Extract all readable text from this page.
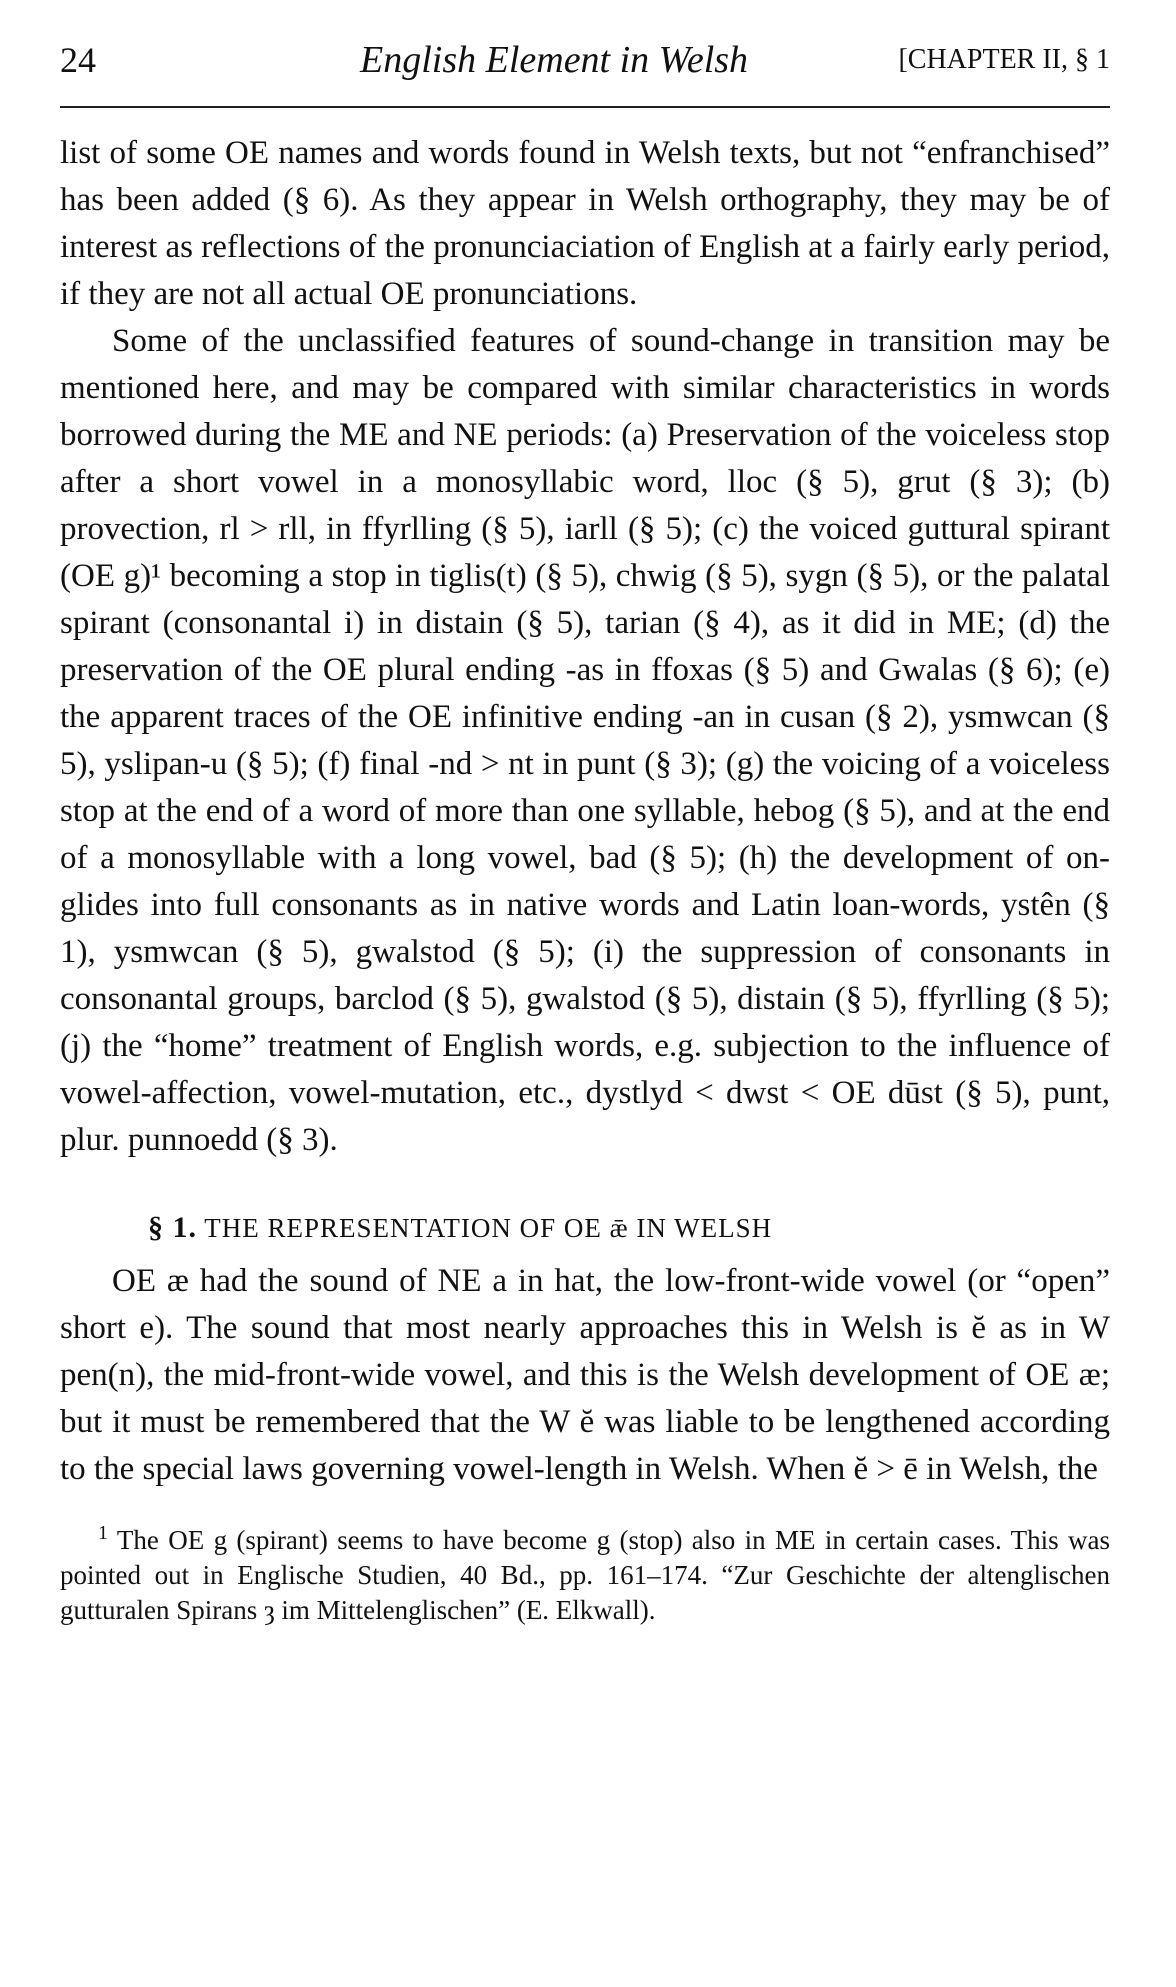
24	English Element in Welsh	[CHAPTER II, § 1

list of some OE names and words found in Welsh texts, but not “enfranchised” has been added (§ 6). As they appear in Welsh orthography, they may be of interest as reflections of the pronunciaciation of English at a fairly early period, if they are not all actual OE pronunciations.

Some of the unclassified features of sound-change in transition may be mentioned here, and may be compared with similar characteristics in words borrowed during the ME and NE periods: (a) Preservation of the voiceless stop after a short vowel in a monosyllabic word, lloc (§ 5), grut (§ 3); (b) provection, rl > rll, in ffyrlling (§ 5), iarll (§ 5); (c) the voiced guttural spirant (OE g)¹ becoming a stop in tiglis(t) (§ 5), chwig (§ 5), sygn (§ 5), or the palatal spirant (consonantal i) in distain (§ 5), tarian (§ 4), as it did in ME; (d) the preservation of the OE plural ending -as in ffoxas (§ 5) and Gwalas (§ 6); (e) the apparent traces of the OE infinitive ending -an in cusan (§ 2), ysmwcan (§ 5), yslipan-u (§ 5); (f) final -nd > nt in punt (§ 3); (g) the voicing of a voiceless stop at the end of a word of more than one syllable, hebog (§ 5), and at the end of a monosyllable with a long vowel, bad (§ 5); (h) the development of on-glides into full consonants as in native words and Latin loan-words, ystên (§ 1), ysmwcan (§ 5), gwalstod (§ 5); (i) the suppression of consonants in consonantal groups, barclod (§ 5), gwalstod (§ 5), distain (§ 5), ffyrlling (§ 5); (j) the “home” treatment of English words, e.g. subjection to the influence of vowel-affection, vowel-mutation, etc., dystlyd < dwst < OE dūst (§ 5), punt, plur. punnoedd (§ 3).

§ 1. THE REPRESENTATION OF OE ǣ IN WELSH

OE æ had the sound of NE a in hat, the low-front-wide vowel (or “open” short e). The sound that most nearly approaches this in Welsh is ĕ as in W pen(n), the mid-front-wide vowel, and this is the Welsh development of OE æ; but it must be remembered that the W ĕ was liable to be lengthened according to the special laws governing vowel-length in Welsh. When ĕ > ē in Welsh, the

$^1$ The OE g (spirant) seems to have become g (stop) also in ME in certain cases. This was pointed out in Englische Studien, 40 Bd., pp. 161–174. “Zur Geschichte der altenglischen gutturalen Spirans ȝ im Mittelenglischen” (E. Elkwall).
